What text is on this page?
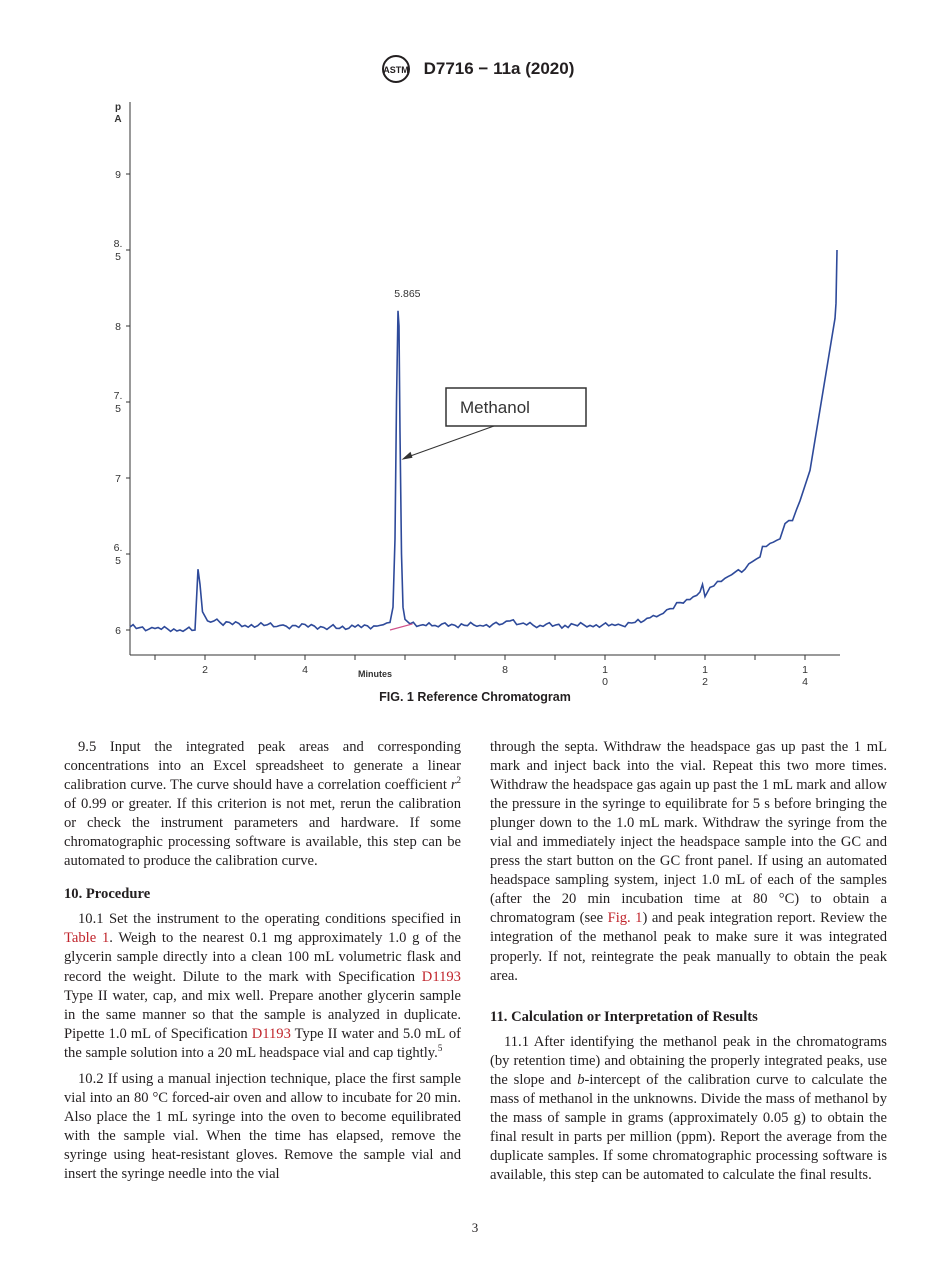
ASTM D7716 − 11a (2020)
p
A
9
8.
5
8
7.
5
7
6.
5
6
2	4	8	1
0
1
2
1
4
Minutes
5.865
Methanol
FIG. 1 Reference Chromatogram

9.5 Input the integrated peak areas and corresponding concentrations into an Excel spreadsheet to generate a linear calibration curve. The curve should have a correlation coefficient $r^2$ of 0.99 or greater. If this criterion is not met, rerun the calibration or check the instrument parameters and hardware. If some chromatographic processing software is available, this step can be automated to produce the calibration curve.

10. Procedure

10.1 Set the instrument to the operating conditions specified in Table 1. Weigh to the nearest 0.1 mg approximately 1.0 g of the glycerin sample directly into a clean 100 mL volumetric flask and record the weight. Dilute to the mark with Specification D1193 Type II water, cap, and mix well. Prepare another glycerin sample in the same manner so that the sample is analyzed in duplicate. Pipette 1.0 mL of Specification D1193 Type II water and 5.0 mL of the sample solution into a 20 mL headspace vial and cap tightly.$^5$

10.2 If using a manual injection technique, place the first sample vial into an 80 °C forced-air oven and allow to incubate for 20 min. Also place the 1 mL syringe into the oven to become equilibrated with the sample vial. When the time has elapsed, remove the syringe using heat-resistant gloves. Remove the sample vial and insert the syringe needle into the vial

through the septa. Withdraw the headspace gas up past the 1 mL mark and inject back into the vial. Repeat this two more times. Withdraw the headspace gas again up past the 1 mL mark and allow the pressure in the syringe to equilibrate for 5 s before bringing the plunger down to the 1.0 mL mark. Withdraw the syringe from the vial and immediately inject the headspace sample into the GC and press the start button on the GC front panel. If using an automated headspace sampling system, inject 1.0 mL of each of the samples (after the 20 min incubation time at 80 °C) to obtain a chromatogram (see Fig. 1) and peak integration report. Review the integration of the methanol peak to make sure it was integrated properly. If not, reintegrate the peak manually to obtain the peak area.

11. Calculation or Interpretation of Results

11.1 After identifying the methanol peak in the chromatograms (by retention time) and obtaining the properly integrated peaks, use the slope and b-intercept of the calibration curve to calculate the mass of methanol in the unknowns. Divide the mass of methanol by the mass of sample in grams (approximately 0.05 g) to obtain the final result in parts per million (ppm). Report the average from the duplicate samples. If some chromatographic processing software is available, this step can be automated to calculate the final results.

3
